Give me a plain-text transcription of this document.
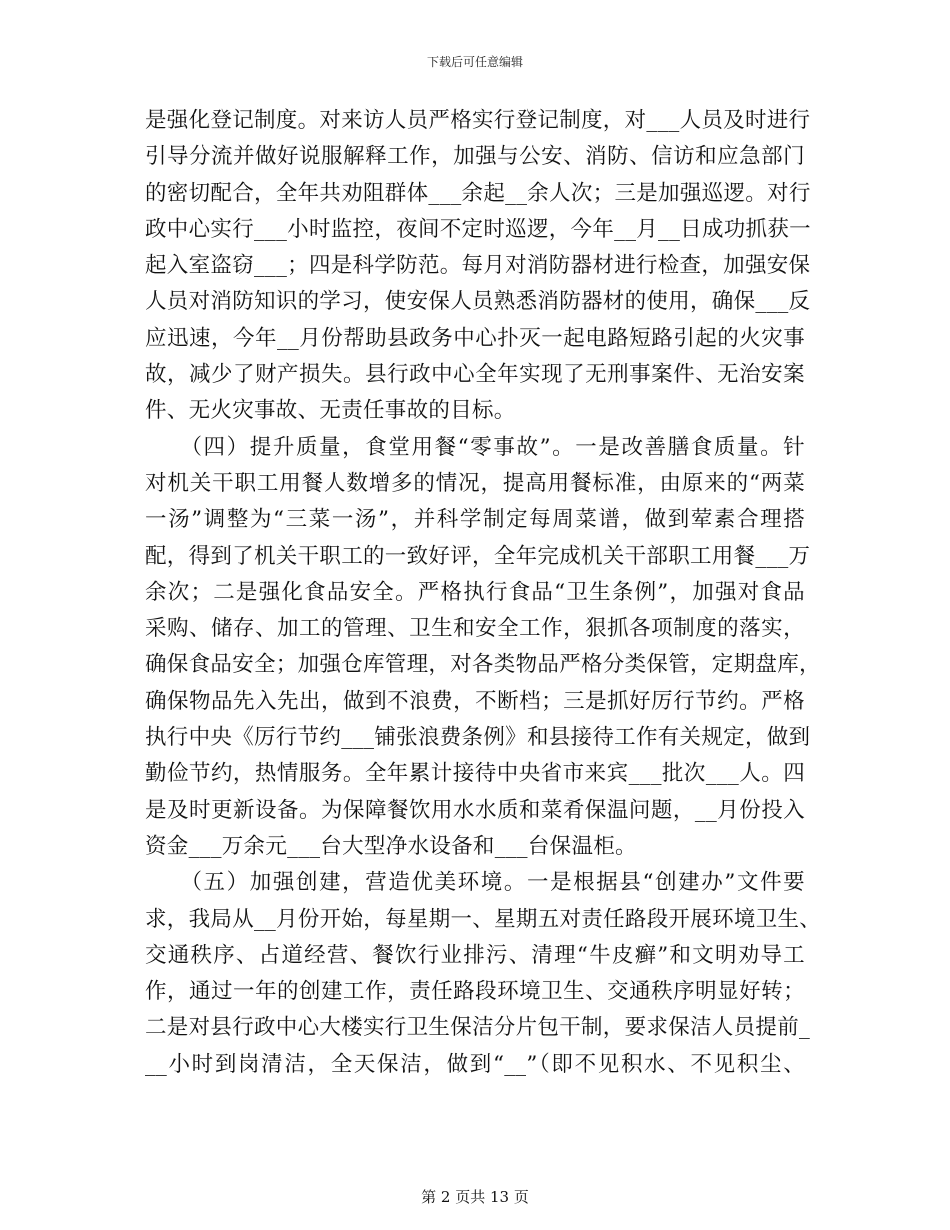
下载后可任意编辑
是强化登记制度。对来访人员严格实行登记制度，对___人员及时进行
引导分流并做好说服解释工作，加强与公安、消防、信访和应急部门
的密切配合，全年共劝阻群体___余起__余人次；三是加强巡逻。对行
政中心实行___小时监控，夜间不定时巡逻，今年__月__日成功抓获一
起入室盗窃___；四是科学防范。每月对消防器材进行检查，加强安保
人员对消防知识的学习，使安保人员熟悉消防器材的使用，确保___反
应迅速，今年__月份帮助县政务中心扑灭一起电路短路引起的火灾事
故，减少了财产损失。县行政中心全年实现了无刑事案件、无治安案
件、无火灾事故、无责任事故的目标。
　　（四）提升质量，食堂用餐“零事故”。一是改善膳食质量。针
对机关干职工用餐人数增多的情况，提高用餐标准，由原来的“两菜
一汤”调整为“三菜一汤”，并科学制定每周菜谱，做到荤素合理搭
配，得到了机关干职工的一致好评，全年完成机关干部职工用餐___万
余次；二是强化食品安全。严格执行食品“卫生条例”，加强对食品
采购、储存、加工的管理、卫生和安全工作，狠抓各项制度的落实，
确保食品安全；加强仓库管理，对各类物品严格分类保管，定期盘库，
确保物品先入先出，做到不浪费，不断档；三是抓好厉行节约。严格
执行中央《厉行节约___铺张浪费条例》和县接待工作有关规定，做到
勤俭节约，热情服务。全年累计接待中央省市来宾___批次___人。四
是及时更新设备。为保障餐饮用水水质和菜肴保温问题，__月份投入
资金___万余元___台大型净水设备和___台保温柜。
　　（五）加强创建，营造优美环境。一是根据县“创建办”文件要
求，我局从__月份开始，每星期一、星期五对责任路段开展环境卫生、
交通秩序、占道经营、餐饮行业排污、清理“牛皮癣”和文明劝导工
作，通过一年的创建工作，责任路段环境卫生、交通秩序明显好转；
二是对县行政中心大楼实行卫生保洁分片包干制，要求保洁人员提前_
__小时到岗清洁，全天保洁，做到“__”（即不见积水、不见积尘、
第 2 页共 13 页
